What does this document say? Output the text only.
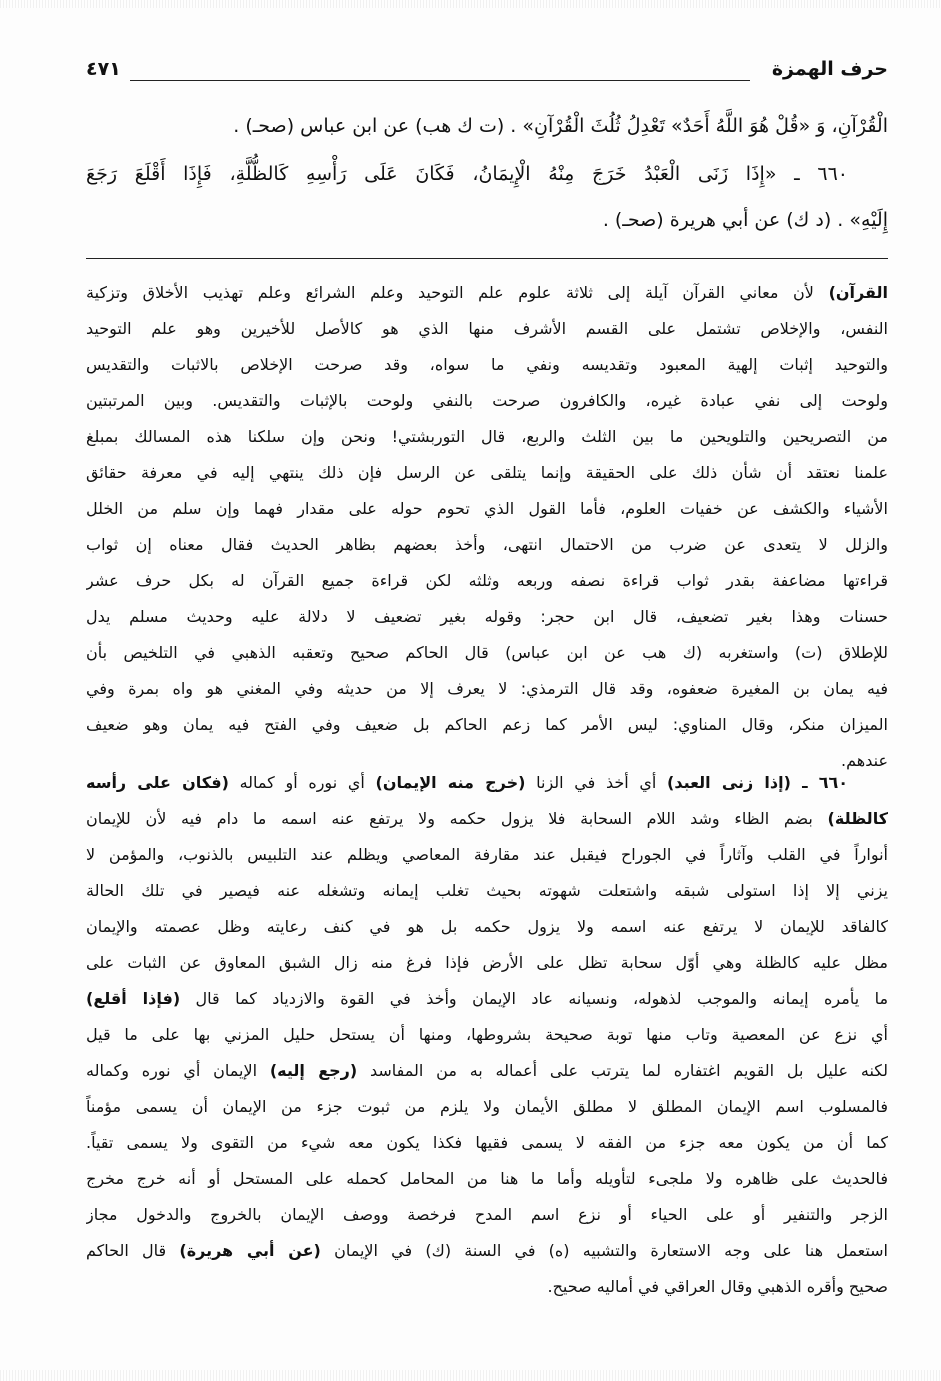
حرف الهمزة
٤٧١
الْقُرْآنِ، وَ «قُلْ هُوَ اللَّهُ أَحَدٌ» تَعْدِلُ ثُلُثَ الْقُرْآنِ» . (ت ك هب) عن ابن عباس (صحـ) .
٦٦٠ ـ «إِذَا زَنَى الْعَبْدُ خَرَجَ مِنْهُ الْإِيمَانُ، فَكَانَ عَلَى رَأْسِهِ كَالظُّلَّةِ، فَإِذَا أَقْلَعَ رَجَعَ
إِلَيْهِ» . (د ك) عن أبي هريرة (صحـ) .
القرآن) لأن معاني القرآن آيلة إلى ثلاثة علوم علم التوحيد وعلم الشرائع وعلم تهذيب الأخلاق وتزكية
النفس، والإخلاص تشتمل على القسم الأشرف منها الذي هو كالأصل للأخيرين وهو علم التوحيد
والتوحيد إثبات إلهية المعبود وتقديسه ونفي ما سواه، وقد صرحت الإخلاص بالاثبات والتقديس
ولوحت إلى نفي عبادة غيره، والكافرون صرحت بالنفي ولوحت بالإثبات والتقديس. وبين المرتبتين
من التصريحين والتلويحين ما بين الثلث والربع، قال التوربشتي! ونحن وإن سلكنا هذه المسالك بمبلغ
علمنا نعتقد أن شأن ذلك على الحقيقة وإنما يتلقى عن الرسل فإن ذلك ينتهي إليه في معرفة حقائق
الأشياء والكشف عن خفيات العلوم، فأما القول الذي تحوم حوله على مقدار فهما وإن سلم من الخلل
والزلل لا يتعدى عن ضرب من الاحتمال انتهى، وأخذ بعضهم بظاهر الحديث فقال معناه إن ثواب
قراءتها مضاعفة بقدر ثواب قراءة نصفه وربعه وثلثه لكن قراءة جميع القرآن له بكل حرف عشر
حسنات وهذا بغير تضعيف، قال ابن حجر: وقوله بغير تضعيف لا دلالة عليه وحديث مسلم يدل
للإطلاق (ت) واستغربه (ك هب عن ابن عباس) قال الحاكم صحيح وتعقبه الذهبي في التلخيص بأن
فيه يمان بن المغيرة ضعفوه، وقد قال الترمذي: لا يعرف إلا من حديثه وفي المغني هو واه بمرة وفي
الميزان منكر، وقال المناوي: ليس الأمر كما زعم الحاكم بل ضعيف وفي الفتح فيه يمان وهو ضعيف
عندهم.
٦٦٠ ـ (إذا زنى العبد) أي أخذ في الزنا (خرج منه الإيمان) أي نوره أو كماله (فكان على رأسه
كالظلة) بضم الظاء وشد اللام السحابة فلا يزول حكمه ولا يرتفع عنه اسمه ما دام فيه لأن للإيمان
أنواراً في القلب وآثاراً في الجوراح فيقبل عند مقارفة المعاصي ويظلم عند التلبيس بالذنوب، والمؤمن لا
يزني إلا إذا استولى شبقه واشتعلت شهوته بحيث تغلب إيمانه وتشغله عنه فيصير في تلك الحالة
كالفاقد للإيمان لا يرتفع عنه اسمه ولا يزول حكمه بل هو في كنف رعايته وظل عصمته والإيمان
مظل عليه كالظلة وهي أوّل سحابة تظل على الأرض فإذا فرغ منه زال الشبق المعاوق عن الثبات على
ما يأمره إيمانه والموجب لذهوله، ونسيانه عاد الإيمان وأخذ في القوة والازدياد كما قال (فإذا أقلع)
أي نزع عن المعصية وتاب منها توبة صحيحة بشروطها، ومنها أن يستحل حليل المزني بها على ما قيل
لكنه عليل بل القويم اغتفاره لما يترتب على أعماله به من المفاسد (رجع إليه) الإيمان أي نوره وكماله
فالمسلوب اسم الإيمان المطلق لا مطلق الأيمان ولا يلزم من ثبوت جزء من الإيمان أن يسمى مؤمناً
كما أن من يكون معه جزء من الفقه لا يسمى فقيها فكذا يكون معه شيء من التقوى ولا يسمى تقياً.
فالحديث على ظاهره ولا ملجىء لتأويله وأما ما هنا من المحامل كحمله على المستحل أو أنه خرج مخرج
الزجر والتنفير أو على الحياء أو نزع اسم المدح فرخصة ووصف الإيمان بالخروج والدخول مجاز
استعمل هنا على وجه الاستعارة والتشبيه (ه) في السنة (ك) في الإيمان (عن أبي هريرة) قال الحاكم
صحيح وأقره الذهبي وقال العراقي في أماليه صحيح.
